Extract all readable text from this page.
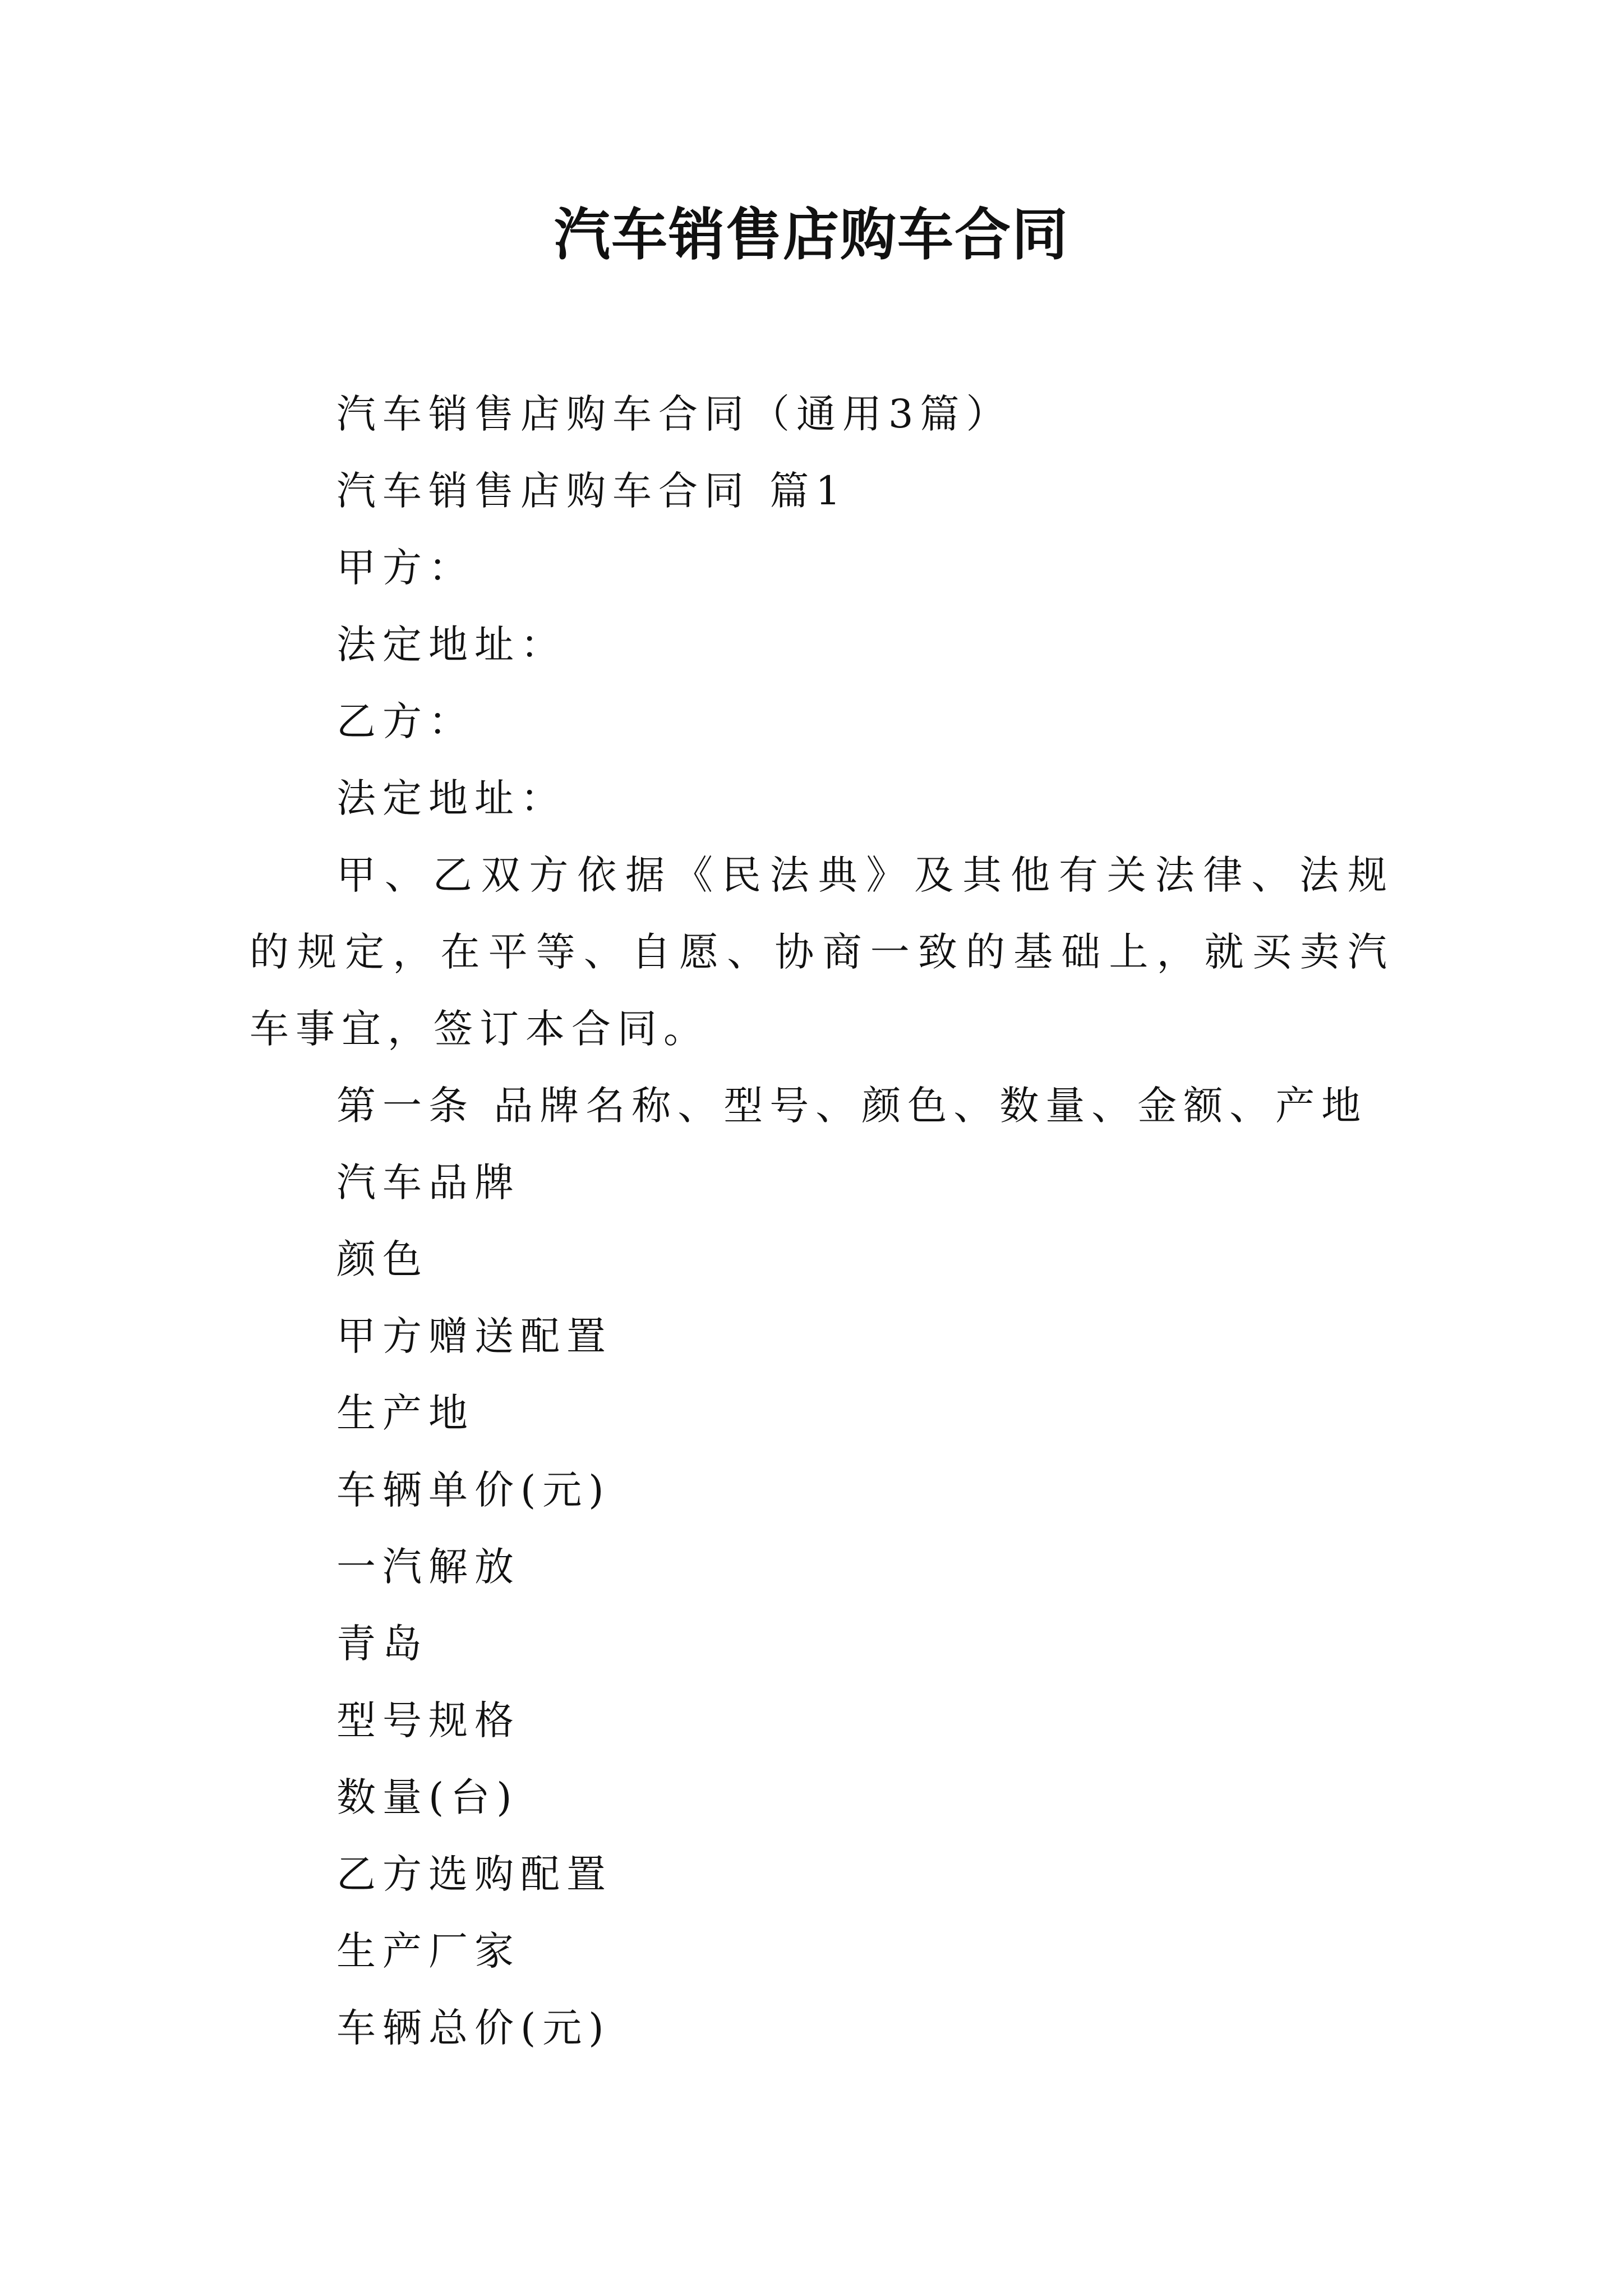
汽车销售店购车合同
汽车销售店购车合同（通用3篇）
汽车销售店购车合同 篇1
甲方：
法定地址：
乙方：
法定地址：

甲、乙双方依据《民法典》及其他有关法律、法规的规定，在平等、自愿、协商一致的基础上，就买卖汽车事宜，签订本合同。

第一条 品牌名称、型号、颜色、数量、金额、产地
汽车品牌
颜色
甲方赠送配置
生产地
车辆单价(元)
一汽解放
青岛
型号规格
数量(台)
乙方选购配置
生产厂家
车辆总价(元)
